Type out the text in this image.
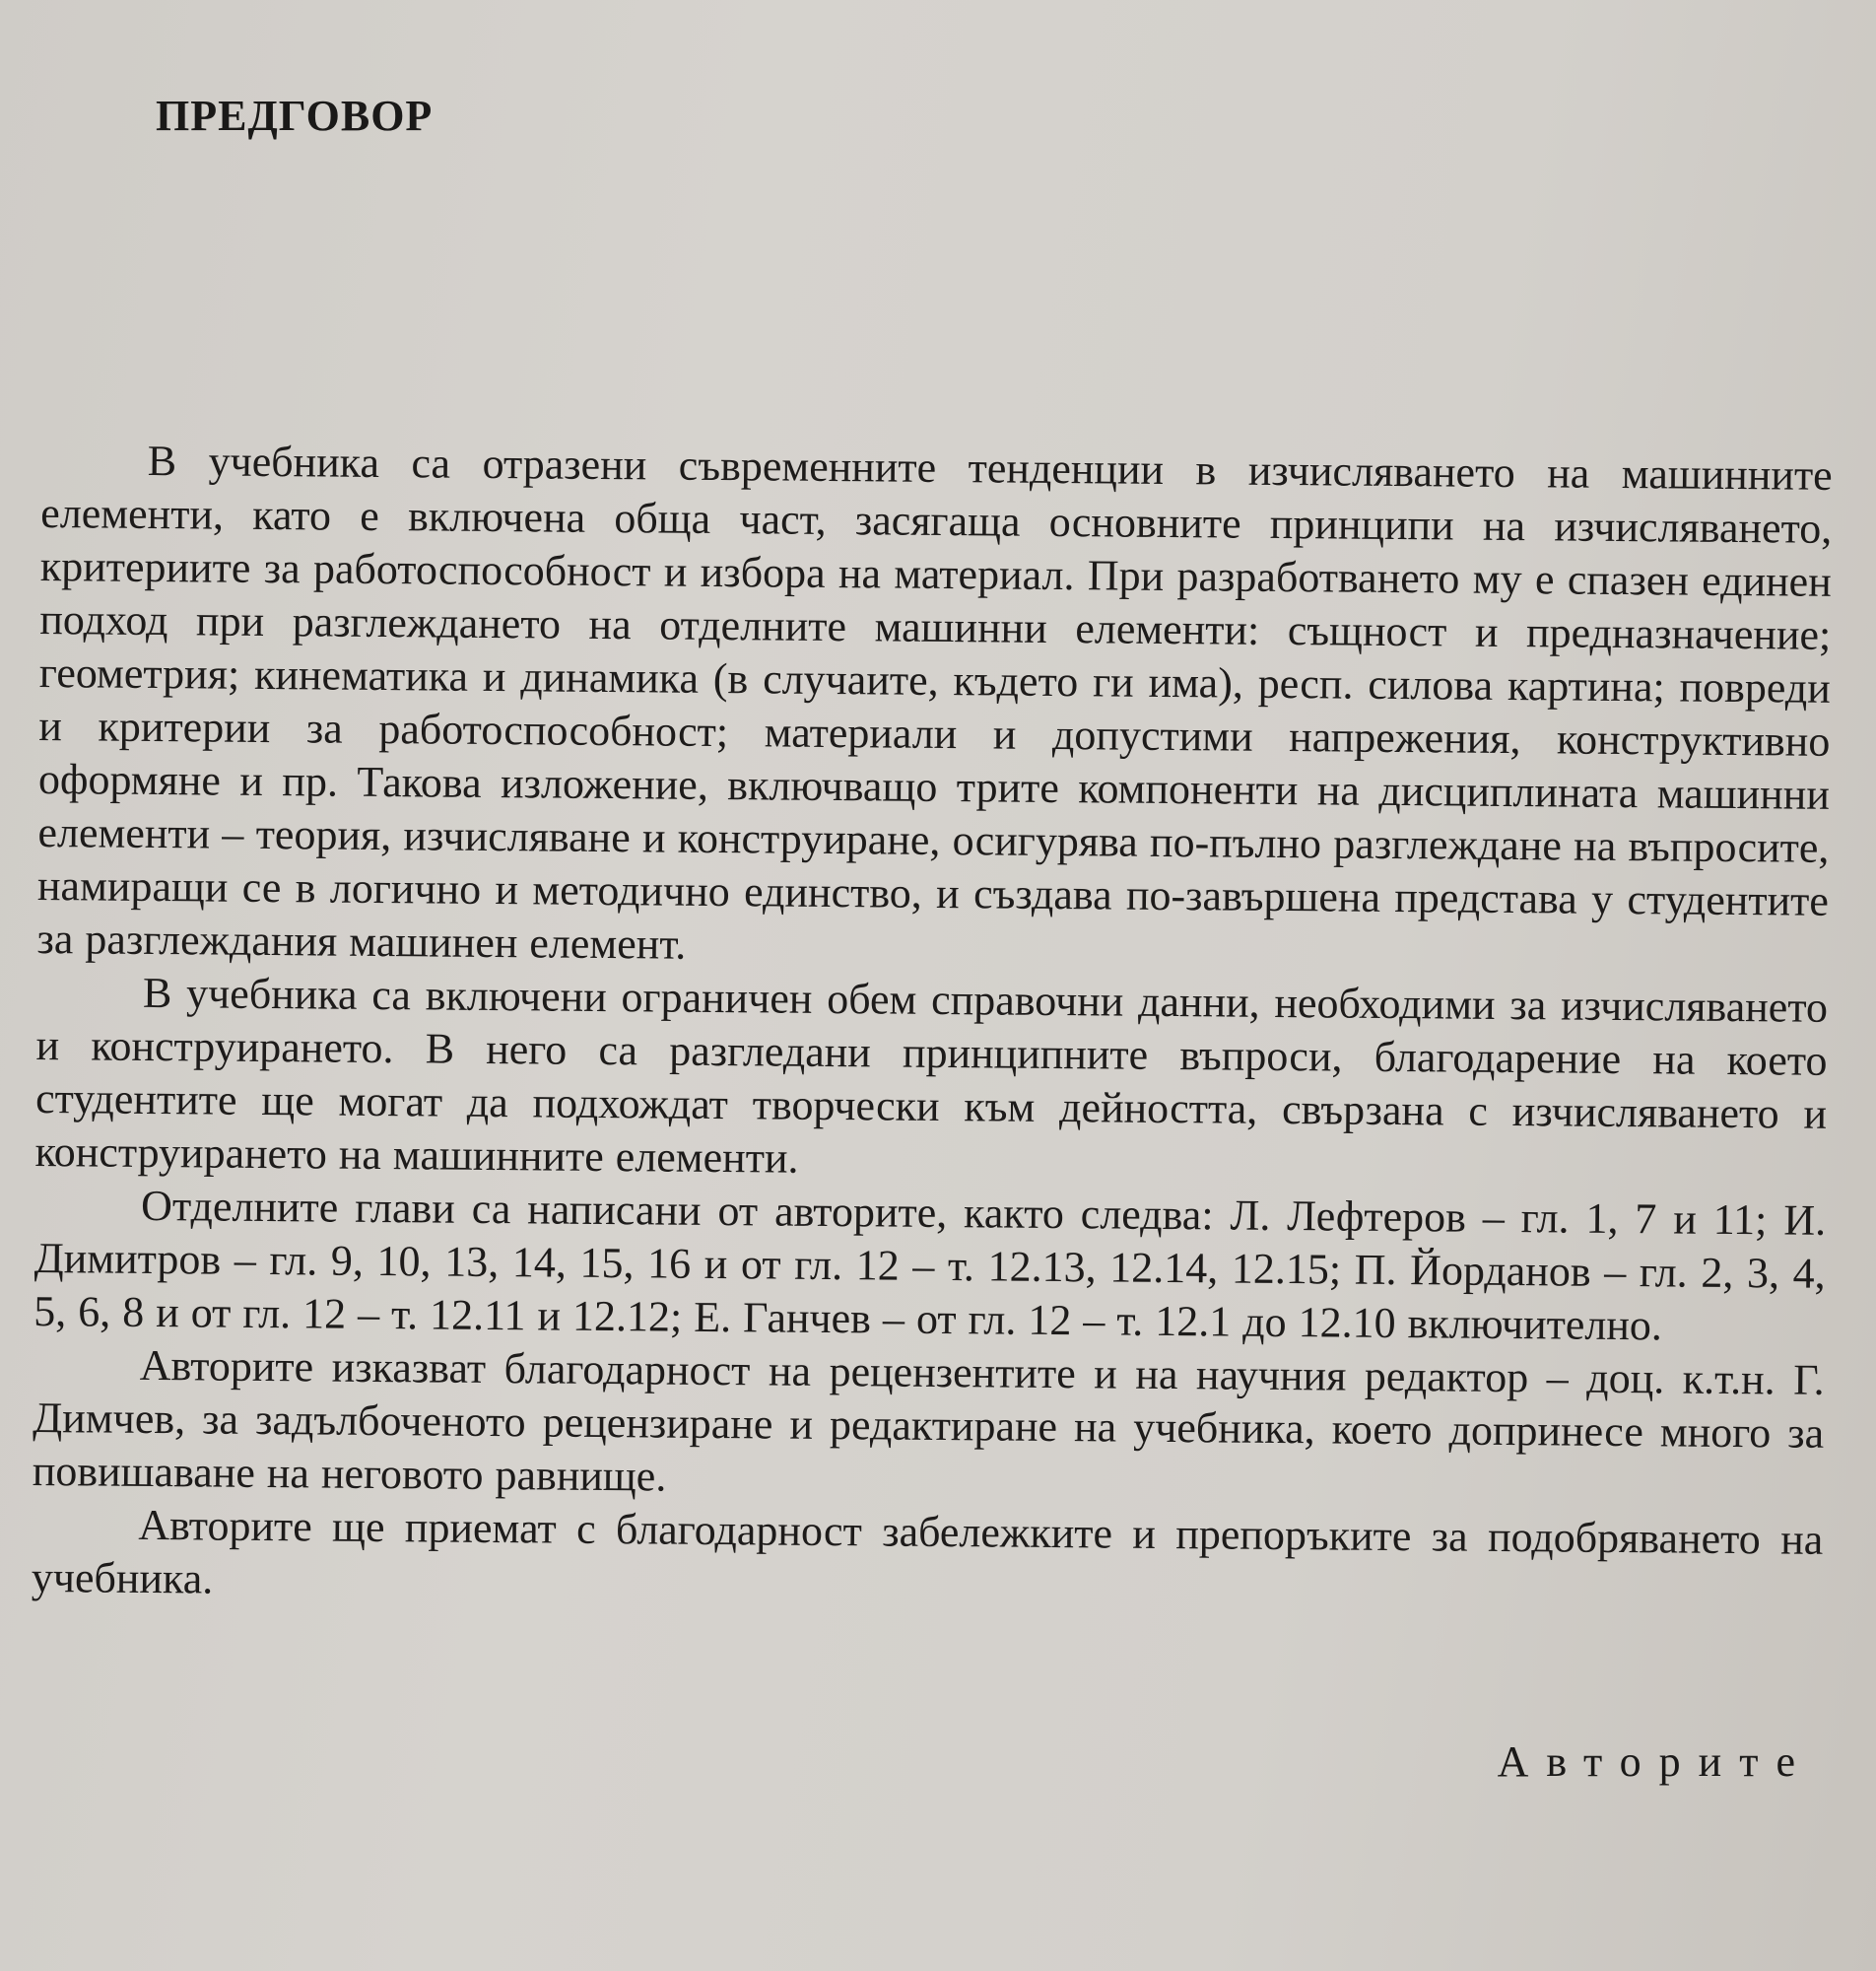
ПРЕДГОВОР

В учебника са отразени съвременните тенденции в изчисляването на машинните елементи, като е включена обща част, засягаща основните принципи на изчисляването, критериите за работоспособност и избора на материал. При разработването му е спазен единен подход при разглеждането на отделните машинни елементи: същност и предназначение; геометрия; кинематика и динамика (в случаите, където ги има), респ. силова картина; повреди и критерии за работоспособност; материали и допустими напрежения, конструктивно оформяне и пр. Такова изложение, включващо трите компоненти на дисциплината машинни елементи – теория, изчисляване и конструиране, осигурява по-пълно разглеждане на въпросите, намиращи се в логично и методично единство, и създава по-завършена представа у студентите за разглеждания машинен елемент.

В учебника са включени ограничен обем справочни данни, необходими за изчисляването и конструирането. В него са разгледани принципните въпроси, благодарение на което студентите ще могат да подхождат творчески към дейността, свързана с изчисляването и конструирането на машинните елементи.

Отделните глави са написани от авторите, както следва: Л. Лефтеров – гл. 1, 7 и 11; И. Димитров – гл. 9, 10, 13, 14, 15, 16 и от гл. 12 – т. 12.13, 12.14, 12.15; П. Йорданов – гл. 2, 3, 4, 5, 6, 8 и от гл. 12 – т. 12.11 и 12.12; Е. Ганчев – от гл. 12 – т. 12.1 до 12.10 включително.

Авторите изказват благодарност на рецензентите и на научния редактор – доц. к.т.н. Г. Димчев, за задълбоченото рецензиране и редактиране на учебника, което допринесе много за повишаване на неговото равнище.

Авторите ще приемат с благодарност забележките и препоръките за подобряването на учебника.

Авторите
